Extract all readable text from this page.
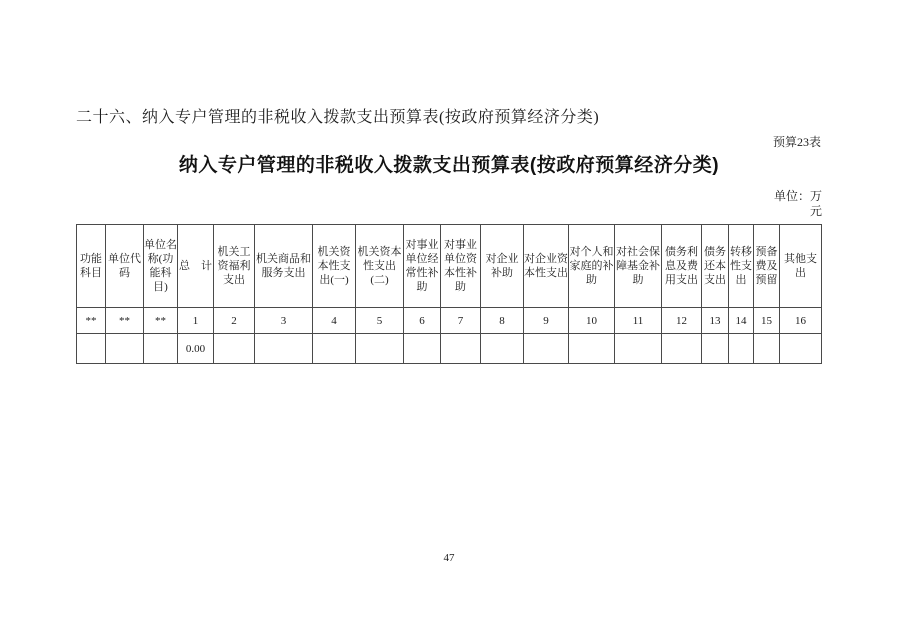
二十六、纳入专户管理的非税收入拨款支出预算表(按政府预算经济分类)
预算23表
纳入专户管理的非税收入拨款支出预算表(按政府预算经济分类)
单位：万
元
功能科目	单位代码	单位名称(功能科目)	总　计	机关工资福利支出	机关商品和服务支出	机关资本性支出(一)	机关资本性支出(二)	对事业单位经常性补助	对事业单位资本性补助	对企业补助	对企业资本性支出	对个人和家庭的补助	对社会保障基金补助	债务利息及费用支出	债务还本支出	转移性支出	预备费及预留	其他支出
**	**	**	1	2	3	4	5	6	7	8	9	10	11	12	13	14	15	16
			0.00															
47
